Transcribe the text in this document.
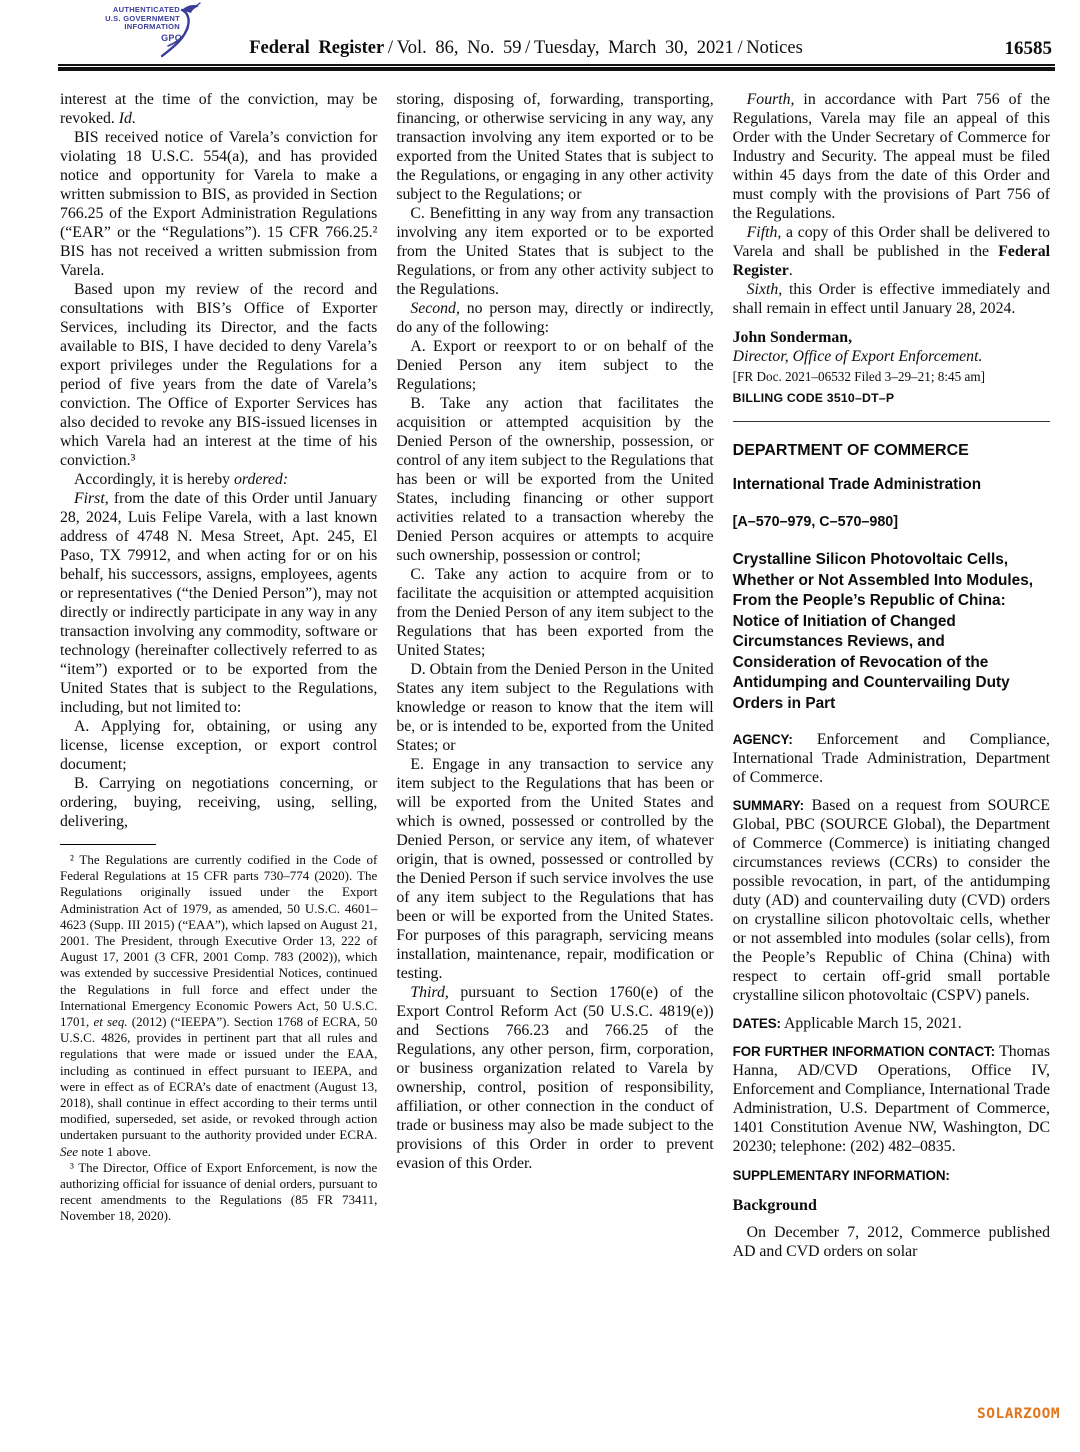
AUTHENTICATED
U.S. GOVERNMENT
INFORMATION
GPO
Federal Register / Vol. 86, No. 59 / Tuesday, March 30, 2021 / Notices	16585

interest at the time of the conviction, may be revoked. Id.

BIS received notice of Varela’s conviction for violating 18 U.S.C. 554(a), and has provided notice and opportunity for Varela to make a written submission to BIS, as provided in Section 766.25 of the Export Administration Regulations (“EAR” or the “Regulations”). 15 CFR 766.25.² BIS has not received a written submission from Varela.

Based upon my review of the record and consultations with BIS’s Office of Exporter Services, including its Director, and the facts available to BIS, I have decided to deny Varela’s export privileges under the Regulations for a period of five years from the date of Varela’s conviction. The Office of Exporter Services has also decided to revoke any BIS-issued licenses in which Varela had an interest at the time of his conviction.³

Accordingly, it is hereby ordered:

First, from the date of this Order until January 28, 2024, Luis Felipe Varela, with a last known address of 4748 N. Mesa Street, Apt. 245, El Paso, TX 79912, and when acting for or on his behalf, his successors, assigns, employees, agents or representatives (“the Denied Person”), may not directly or indirectly participate in any way in any transaction involving any commodity, software or technology (hereinafter collectively referred to as “item”) exported or to be exported from the United States that is subject to the Regulations, including, but not limited to:

A. Applying for, obtaining, or using any license, license exception, or export control document;

B. Carrying on negotiations concerning, or ordering, buying, receiving, using, selling, delivering,

² The Regulations are currently codified in the Code of Federal Regulations at 15 CFR parts 730–774 (2020). The Regulations originally issued under the Export Administration Act of 1979, as amended, 50 U.S.C. 4601–4623 (Supp. III 2015) (“EAA”), which lapsed on August 21, 2001. The President, through Executive Order 13, 222 of August 17, 2001 (3 CFR, 2001 Comp. 783 (2002)), which was extended by successive Presidential Notices, continued the Regulations in full force and effect under the International Emergency Economic Powers Act, 50 U.S.C. 1701, et seq. (2012) (“IEEPA”). Section 1768 of ECRA, 50 U.S.C. 4826, provides in pertinent part that all rules and regulations that were made or issued under the EAA, including as continued in effect pursuant to IEEPA, and were in effect as of ECRA’s date of enactment (August 13, 2018), shall continue in effect according to their terms until modified, superseded, set aside, or revoked through action undertaken pursuant to the authority provided under ECRA. See note 1 above.

³ The Director, Office of Export Enforcement, is now the authorizing official for issuance of denial orders, pursuant to recent amendments to the Regulations (85 FR 73411, November 18, 2020).

storing, disposing of, forwarding, transporting, financing, or otherwise servicing in any way, any transaction involving any item exported or to be exported from the United States that is subject to the Regulations, or engaging in any other activity subject to the Regulations; or

C. Benefitting in any way from any transaction involving any item exported or to be exported from the United States that is subject to the Regulations, or from any other activity subject to the Regulations.

Second, no person may, directly or indirectly, do any of the following:

A. Export or reexport to or on behalf of the Denied Person any item subject to the Regulations;

B. Take any action that facilitates the acquisition or attempted acquisition by the Denied Person of the ownership, possession, or control of any item subject to the Regulations that has been or will be exported from the United States, including financing or other support activities related to a transaction whereby the Denied Person acquires or attempts to acquire such ownership, possession or control;

C. Take any action to acquire from or to facilitate the acquisition or attempted acquisition from the Denied Person of any item subject to the Regulations that has been exported from the United States;

D. Obtain from the Denied Person in the United States any item subject to the Regulations with knowledge or reason to know that the item will be, or is intended to be, exported from the United States; or

E. Engage in any transaction to service any item subject to the Regulations that has been or will be exported from the United States and which is owned, possessed or controlled by the Denied Person, or service any item, of whatever origin, that is owned, possessed or controlled by the Denied Person if such service involves the use of any item subject to the Regulations that has been or will be exported from the United States. For purposes of this paragraph, servicing means installation, maintenance, repair, modification or testing.

Third, pursuant to Section 1760(e) of the Export Control Reform Act (50 U.S.C. 4819(e)) and Sections 766.23 and 766.25 of the Regulations, any other person, firm, corporation, or business organization related to Varela by ownership, control, position of responsibility, affiliation, or other connection in the conduct of trade or business may also be made subject to the provisions of this Order in order to prevent evasion of this Order.

Fourth, in accordance with Part 756 of the Regulations, Varela may file an appeal of this Order with the Under Secretary of Commerce for Industry and Security. The appeal must be filed within 45 days from the date of this Order and must comply with the provisions of Part 756 of the Regulations.

Fifth, a copy of this Order shall be delivered to Varela and shall be published in the Federal Register.

Sixth, this Order is effective immediately and shall remain in effect until January 28, 2024.

John Sonderman,

Director, Office of Export Enforcement.

[FR Doc. 2021–06532 Filed 3–29–21; 8:45 am]

BILLING CODE 3510–DT–P

DEPARTMENT OF COMMERCE

International Trade Administration

[A–570–979, C–570–980]

Crystalline Silicon Photovoltaic Cells, Whether or Not Assembled Into Modules, From the People’s Republic of China: Notice of Initiation of Changed Circumstances Reviews, and Consideration of Revocation of the Antidumping and Countervailing Duty Orders in Part

AGENCY: Enforcement and Compliance, International Trade Administration, Department of Commerce.

SUMMARY: Based on a request from SOURCE Global, PBC (SOURCE Global), the Department of Commerce (Commerce) is initiating changed circumstances reviews (CCRs) to consider the possible revocation, in part, of the antidumping duty (AD) and countervailing duty (CVD) orders on crystalline silicon photovoltaic cells, whether or not assembled into modules (solar cells), from the People’s Republic of China (China) with respect to certain off-grid small portable crystalline silicon photovoltaic (CSPV) panels.

DATES: Applicable March 15, 2021.

FOR FURTHER INFORMATION CONTACT: Thomas Hanna, AD/CVD Operations, Office IV, Enforcement and Compliance, International Trade Administration, U.S. Department of Commerce, 1401 Constitution Avenue NW, Washington, DC 20230; telephone: (202) 482–0835.

SUPPLEMENTARY INFORMATION:

Background

On December 7, 2012, Commerce published AD and CVD orders on solar

SOLARZOOM
